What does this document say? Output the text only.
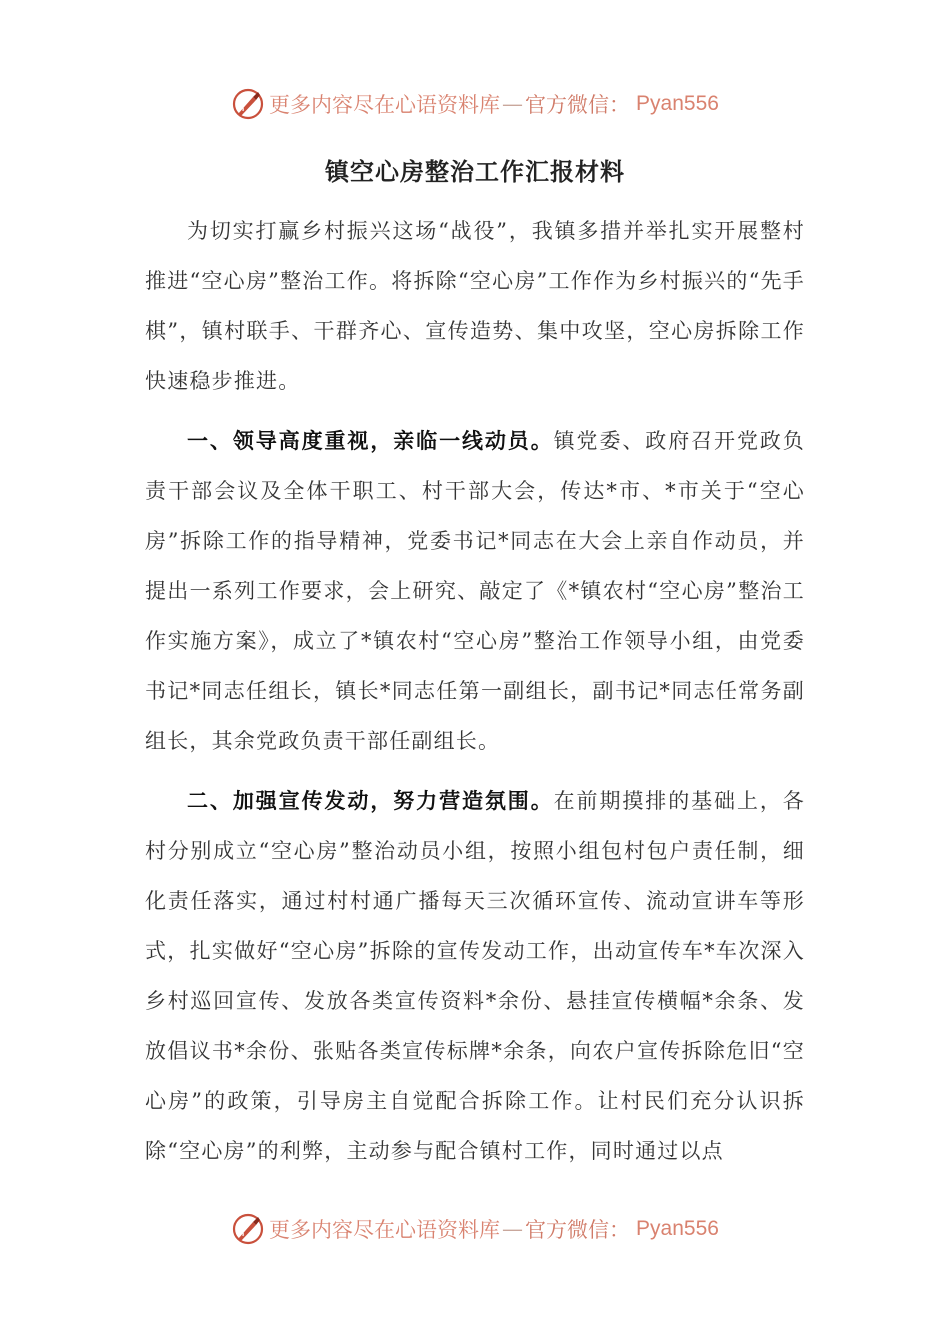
更多内容尽在心语资料库 — 官方微信 ： Pyan556
镇空心房整治工作汇报材料

为切实打赢乡村振兴这场“战役”，我镇多措并举扎实开展整村推进“空心房”整治工作。将拆除“空心房”工作作为乡村振兴的“先手棋”，镇村联手、干群齐心、宣传造势、集中攻坚，空心房拆除工作快速稳步推进。

一、领导高度重视，亲临一线动员。镇党委、政府召开党政负责干部会议及全体干职工、村干部大会，传达*市、*市关于“空心房”拆除工作的指导精神，党委书记*同志在大会上亲自作动员，并提出一系列工作要求，会上研究、敲定了《*镇农村“空心房”整治工作实施方案》，成立了*镇农村“空心房”整治工作领导小组，由党委书记*同志任组长，镇长*同志任第一副组长，副书记*同志任常务副组长，其余党政负责干部任副组长。

二、加强宣传发动，努力营造氛围。在前期摸排的基础上，各村分别成立“空心房”整治动员小组，按照小组包村包户责任制，细化责任落实，通过村村通广播每天三次循环宣传、流动宣讲车等形式，扎实做好“空心房”拆除的宣传发动工作，出动宣传车*车次深入乡村巡回宣传、发放各类宣传资料*余份、悬挂宣传横幅*余条、发放倡议书*余份、张贴各类宣传标牌*余条，向农户宣传拆除危旧“空心房”的政策，引导房主自觉配合拆除工作。让村民们充分认识拆除“空心房”的利弊，主动参与配合镇村工作，同时通过以点

更多内容尽在心语资料库 — 官方微信 ： Pyan556
